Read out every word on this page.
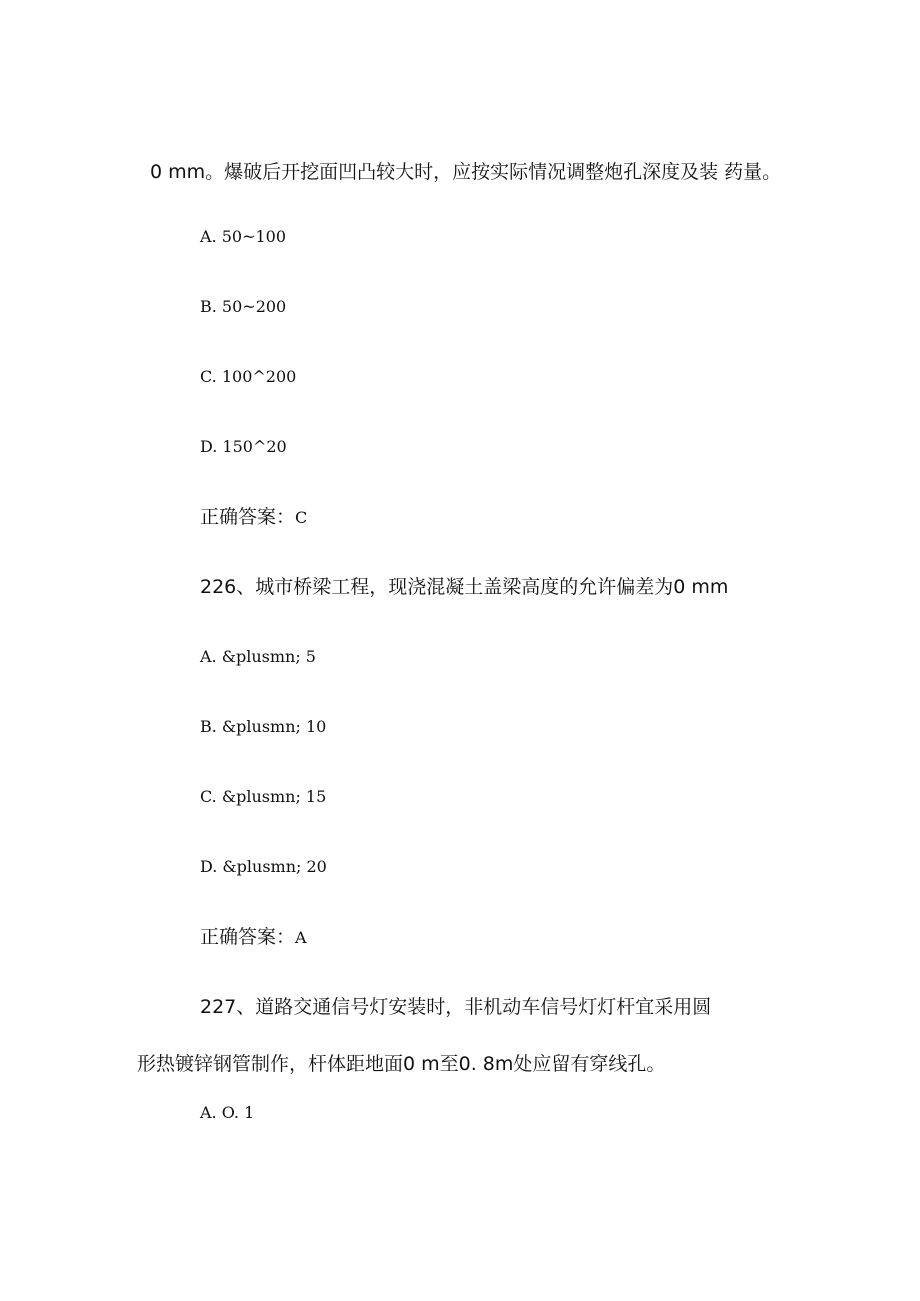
0 mm。爆破后开挖面凹凸较大时，应按实际情况调整炮孔深度及装 药量。
A. 50~100
B. 50~200
C. 100^200
D. 150^20
正确答案：C
226、城市桥梁工程，现浇混凝土盖梁高度的允许偏差为0 mm
A. &plusmn; 5
B. &plusmn; 10
C. &plusmn; 15
D. &plusmn; 20
正确答案：A
227、道路交通信号灯安装时，非机动车信号灯灯杆宜采用圆
形热镀锌钢管制作，杆体距地面0 m至0. 8m处应留有穿线孔。
A. O. 1
